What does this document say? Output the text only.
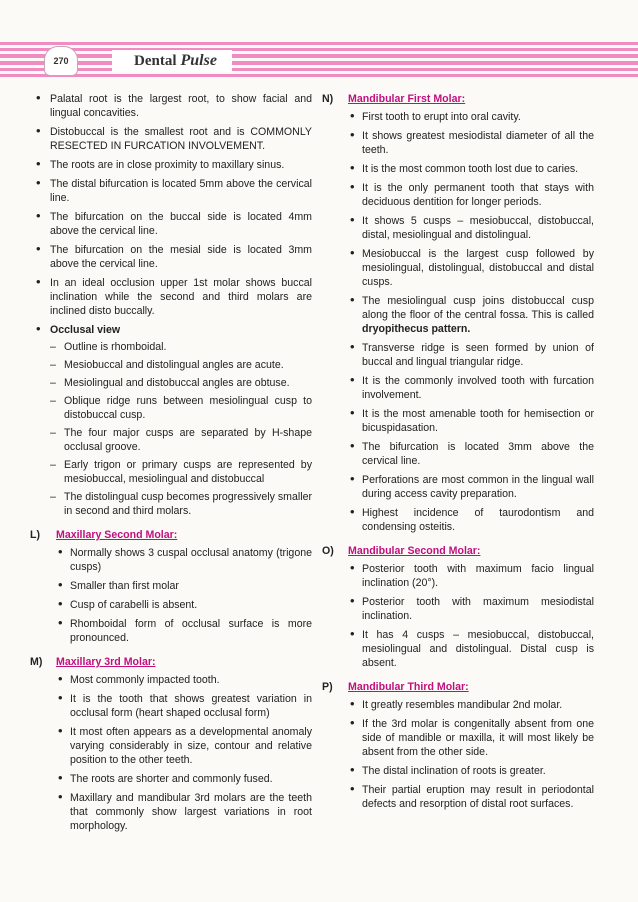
270	Dental Pulse
• Palatal root is the largest root, to show facial and lingual concavities.
• Distobuccal is the smallest root and is COMMONLY RESECTED IN FURCATION INVOLVEMENT.
• The roots are in close proximity to maxillary sinus.
• The distal bifurcation is located 5mm above the cervical line.
• The bifurcation on the buccal side is located 4mm above the cervical line.
• The bifurcation on the mesial side is located 3mm above the cervical line.
• In an ideal occlusion upper 1st molar shows buccal inclination while the second and third molars are inclined disto buccally.
• Occlusal view
– Outline is rhomboidal.
– Mesiobuccal and distolingual angles are acute.
– Mesiolingual and distobuccal angles are obtuse.
– Oblique ridge runs between mesiolingual cusp to distobuccal cusp.
– The four major cusps are separated by H-shape occlusal groove.
– Early trigon or primary cusps are represented by mesiobuccal, mesiolingual and distobuccal
– The distolingual cusp becomes progressively smaller in second and third molars.
L) Maxillary Second Molar:
• Normally shows 3 cuspal occlusal anatomy (trigone cusps)
• Smaller than first molar
• Cusp of carabelli is absent.
• Rhomboidal form of occlusal surface is more pronounced.
M) Maxillary 3rd Molar:
• Most commonly impacted tooth.
• It is the tooth that shows greatest variation in occlusal form (heart shaped occlusal form)
• It most often appears as a developmental anomaly varying considerably in size, contour and relative position to the other teeth.
• The roots are shorter and commonly fused.
• Maxillary and mandibular 3rd molars are the teeth that commonly show largest variations in root morphology.
N) Mandibular First Molar:
• First tooth to erupt into oral cavity.
• It shows greatest mesiodistal diameter of all the teeth.
• It is the most common tooth lost due to caries.
• It is the only permanent tooth that stays with deciduous dentition for longer periods.
• It shows 5 cusps – mesiobuccal, distobuccal, distal, mesiolingual and distolingual.
• Mesiobuccal is the largest cusp followed by mesiolingual, distolingual, distobuccal and distal cusps.
• The mesiolingual cusp joins distobuccal cusp along the floor of the central fossa. This is called dryopithecus pattern.
• Transverse ridge is seen formed by union of buccal and lingual triangular ridge.
• It is the commonly involved tooth with furcation involvement.
• It is the most amenable tooth for hemisection or bicuspidasation.
• The bifurcation is located 3mm above the cervical line.
• Perforations are most common in the lingual wall during access cavity preparation.
• Highest incidence of taurodontism and condensing osteitis.
O) Mandibular Second Molar:
• Posterior tooth with maximum facio lingual inclination (20°).
• Posterior tooth with maximum mesiodistal inclination.
• It has 4 cusps – mesiobuccal, distobuccal, mesiolingual and distolingual. Distal cusp is absent.
P) Mandibular Third Molar:
• It greatly resembles mandibular 2nd molar.
• If the 3rd molar is congenitally absent from one side of mandible or maxilla, it will most likely be absent from the other side.
• The distal inclination of roots is greater.
• Their partial eruption may result in periodontal defects and resorption of distal root surfaces.
